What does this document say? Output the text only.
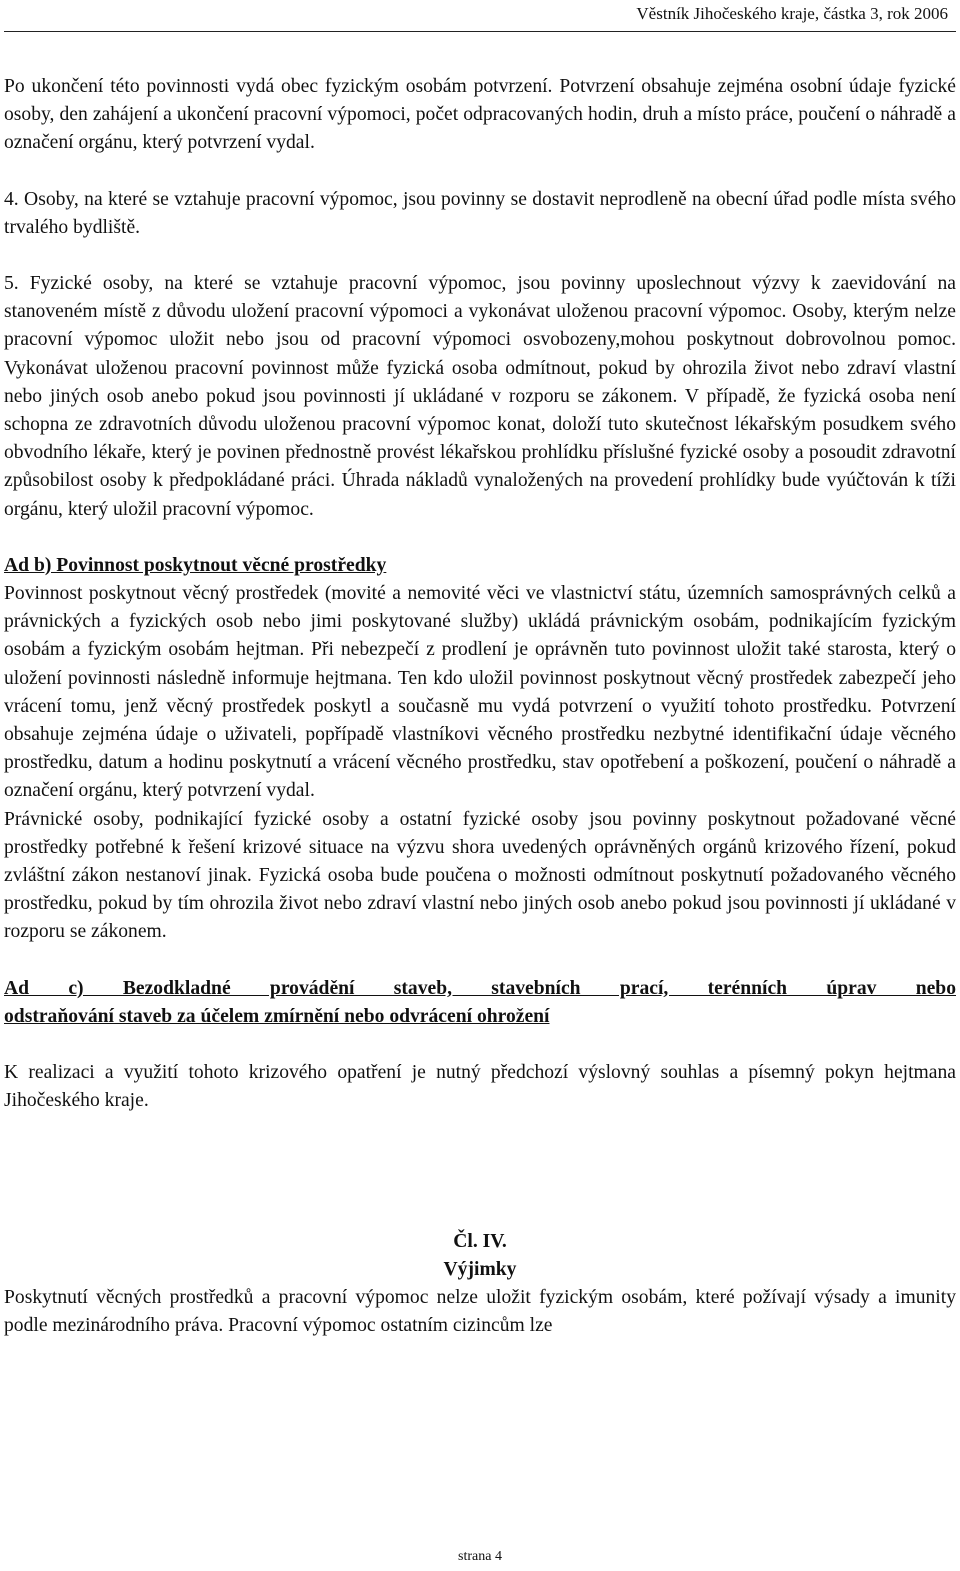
Věstník Jihočeského kraje, částka 3, rok 2006

Po ukončení této povinnosti vydá obec fyzickým osobám potvrzení. Potvrzení obsahuje zejména osobní údaje fyzické osoby, den zahájení a ukončení pracovní výpomoci, počet odpracovaných hodin, druh a místo práce, poučení o náhradě a označení orgánu, který potvrzení vydal.

4. Osoby, na které se vztahuje pracovní výpomoc, jsou povinny se dostavit neprodleně na obecní úřad podle místa svého trvalého bydliště.

5. Fyzické osoby, na které se vztahuje pracovní výpomoc, jsou povinny uposlechnout výzvy k zaevidování na stanoveném místě z důvodu uložení pracovní výpomoci a vykonávat uloženou pracovní výpomoc. Osoby, kterým nelze pracovní výpomoc uložit nebo jsou od pracovní výpomoci osvobozeny,mohou poskytnout dobrovolnou pomoc. Vykonávat uloženou pracovní povinnost může fyzická osoba odmítnout, pokud by ohrozila život nebo zdraví vlastní nebo jiných osob anebo pokud jsou povinnosti jí ukládané v rozporu se zákonem. V případě, že fyzická osoba není schopna ze zdravotních důvodu uloženou pracovní výpomoc konat, doloží tuto skutečnost lékařským posudkem svého obvodního lékaře, který je povinen přednostně provést lékařskou prohlídku příslušné fyzické osoby a posoudit zdravotní způsobilost osoby k předpokládané práci. Úhrada nákladů vynaložených na provedení prohlídky bude vyúčtován k tíži orgánu, který uložil pracovní výpomoc.

Ad b) Povinnost poskytnout věcné prostředky

Povinnost poskytnout věcný prostředek (movité a nemovité věci ve vlastnictví státu, územních samosprávných celků a právnických a fyzických osob nebo jimi poskytované služby) ukládá právnickým osobám, podnikajícím fyzickým osobám a fyzickým osobám hejtman. Při nebezpečí z prodlení je oprávněn tuto povinnost uložit také starosta, který o uložení povinnosti následně informuje hejtmana. Ten kdo uložil povinnost poskytnout věcný prostředek zabezpečí jeho vrácení tomu, jenž věcný prostředek poskytl a současně mu vydá potvrzení o využití tohoto prostředku. Potvrzení obsahuje zejména údaje o uživateli, popřípadě vlastníkovi věcného prostředku nezbytné identifikační údaje věcného prostředku, datum a hodinu poskytnutí a vrácení věcného prostředku, stav opotřebení a poškození, poučení o náhradě a označení orgánu, který potvrzení vydal.

Právnické osoby, podnikající fyzické osoby a ostatní fyzické osoby jsou povinny poskytnout požadované věcné prostředky potřebné k řešení krizové situace na výzvu shora uvedených oprávněných orgánů krizového řízení, pokud zvláštní zákon nestanoví jinak. Fyzická osoba bude poučena o možnosti odmítnout poskytnutí požadovaného věcného prostředku, pokud by tím ohrozila život nebo zdraví vlastní nebo jiných osob anebo pokud jsou povinnosti jí ukládané v rozporu se zákonem.

Ad c) Bezodkladné provádění staveb, stavebních prací, terénních úprav nebo

odstraňování staveb za účelem zmírnění nebo odvrácení ohrožení

K realizaci a využití tohoto krizového opatření je nutný předchozí výslovný souhlas a písemný pokyn hejtmana Jihočeského kraje.

Čl. IV.

Výjimky

Poskytnutí věcných prostředků a pracovní výpomoc nelze uložit fyzickým osobám, které požívají výsady a imunity podle mezinárodního práva. Pracovní výpomoc ostatním cizincům lze

strana 4
